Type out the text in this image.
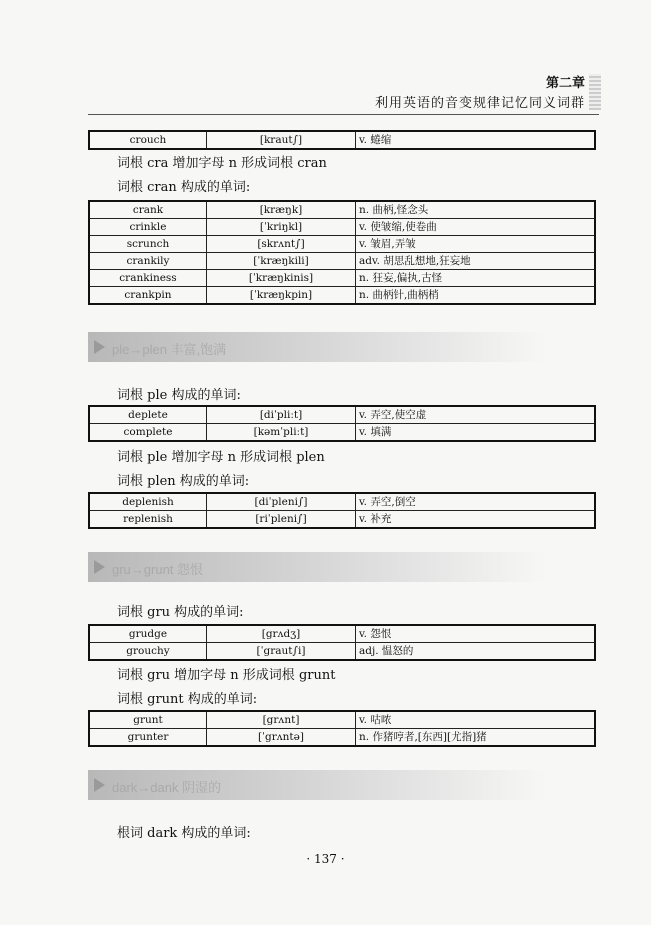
第二章
利用英语的音变规律记忆同义词群
crouch	[kraut∫]	v. 蜷缩
词根 cra 增加字母 n 形成词根 cran
词根 cran 构成的单词:
crank	[kræŋk]	n. 曲柄,怪念头
crinkle	[ˈkriŋkl]	v. 使皱缩,使卷曲
scrunch	[skrʌnt∫]	v. 皱眉,弄皱
crankily	[ˈkræŋkili]	adv. 胡思乱想地,狂妄地
crankiness	[ˈkræŋkinis]	n. 狂妄,偏执,古怪
crankpin	[ˈkræŋkpin]	n. 曲柄针,曲柄梢
ple→plen 丰富,饱满
词根 ple 构成的单词:
deplete	[diˈpliːt]	v. 弄空,使空虚
complete	[kəmˈpliːt]	v. 填满
词根 ple 增加字母 n 形成词根 plen
词根 plen 构成的单词:
deplenish	[diˈpleni∫]	v. 弄空,倒空
replenish	[riˈpleni∫]	v. 补充
gru→grunt 怨恨
词根 gru 构成的单词:
grudge	[grʌdʒ]	v. 怨恨
grouchy	[ˈgraut∫i]	adj. 愠怒的
词根 gru 增加字母 n 形成词根 grunt
词根 grunt 构成的单词:
grunt	[grʌnt]	v. 咕哝
grunter	[ˈgrʌntə]	n. 作猪哼者,[东西][尤指]猪
dark→dank 阴湿的
根词 dark 构成的单词:
· 137 ·
